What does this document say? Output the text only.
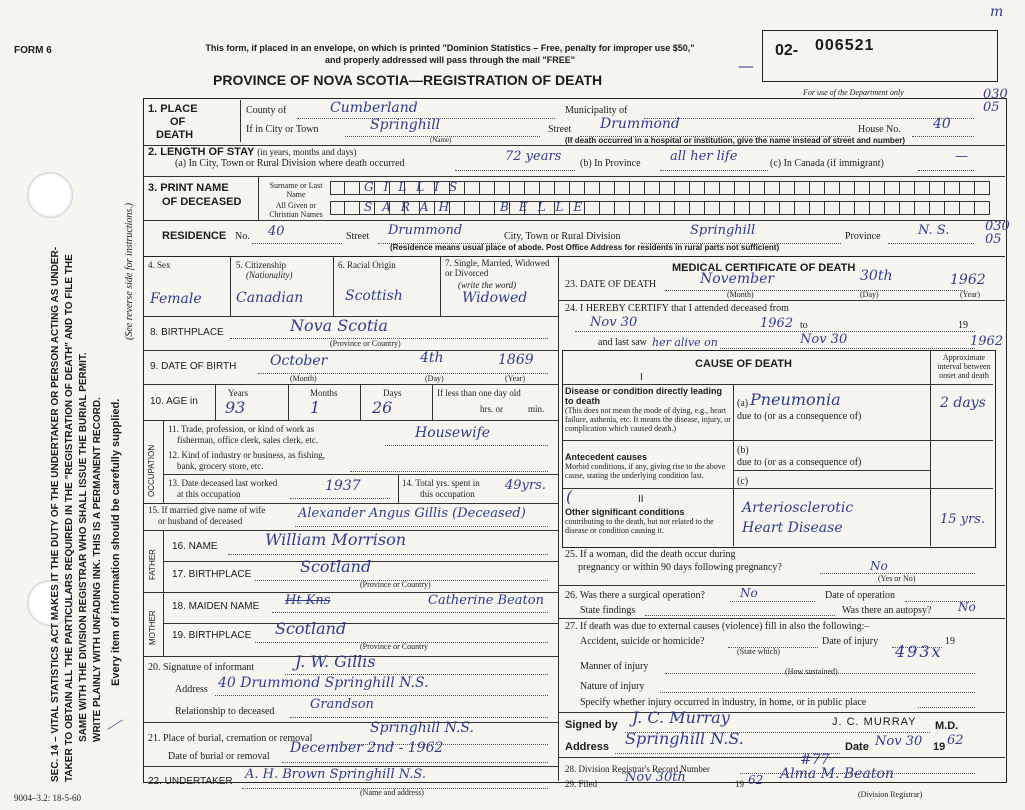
SEC. 14 – VITAL STATISTICS ACT MAKES IT THE DUTY OF THE UNDERTAKER OR PERSON ACTING AS UNDER- TAKER TO OBTAIN ALL THE PARTICULARS REQUIRED IN THE "REGISTRATION OF DEATH" AND TO FILE THE SAME WITH THE DIVISION REGISTRAR WHO SHALL ISSUE THE BURIAL PERMIT. WRITE PLAINLY WITH UNFADING INK. THIS IS A PERMANENT RECORD. Every item of information should be carefully supplied.
(See reverse side for instructions.)
⟋
FORM 6	This form, if placed in an envelope, on which is printed "Dominion Statistics – Free, penalty for improper use $50," and properly addressed will pass through the mail "FREE"
PROVINCE OF NOVA SCOTIA—REGISTRATION OF DEATH
02- 006521
m
—
For use of the Department only	030
05
1. PLACE
OF
DEATH
County of	Cumberland	Municipality of
If in City or Town	Springhill
(Name)
Street Drummond	House No. 40
(If death occurred in a hospital or institution, give the name instead of street and number)
2. LENGTH OF STAY (in years, months and days)
(a) In City, Town or Rural Division where death occurred	72 years (b) In Province all her life	(c) In Canada (if immigrant)	—
3. PRINT NAME
OF DECEASED
Surname or Last Name
All Given or Christian Names
GILLIS
SARAH	BELLE
RESIDENCE No. 40	Street Drummond	City, Town or Rural Division	Springhill	Province	N. S.	030
05
(Residence means usual place of abode. Post Office Address for residents in rural parts not sufficient)
4. Sex	5. Citizenship
(Nationality)
6. Racial Origin	7. Single, Married, Widowed or Divorced
(write the word)
Female Canadian	Scottish	Widowed
8. BIRTHPLACE	Nova Scotia
(Province or Country)
9. DATE OF BIRTH October	4th	1869
(Month)	(Day)	(Year)
10. AGE in
Years	Months	Days
93	1	26
If less than one day old
hrs. or	min.
OCCUPATION
11. Trade, profession, or kind of work as
fisherman, office clerk, sales clerk, etc.	Housewife
12. Kind of industry or business, as fishing,
bank, grocery store, etc.
13. Date deceased last worked
at this occupation	1937	14. Total yrs. spent in
this occupation
49yrs.
15. If married give name of wife
or husband of deceased	Alexander Angus Gillis (Deceased)
FATHER
16. NAME	William Morrison
17. BIRTHPLACE	Scotland
(Province or Country)
MOTHER
18. MAIDEN NAME Ht Kns	Catherine Beaton
19. BIRTHPLACE Scotland
(Province or Country
20. Signature of informant	J. W. Gillis
Address 40 Drummond Springhill N.S.
Relationship to deceased	Grandson
21. Place of burial, cremation or removal
Springhill N.S.
Date of burial or removal
December 2nd - 1962
22. UNDERTAKER A. H. Brown Springhill N.S.
(Name and address)
MEDICAL CERTIFICATE OF DEATH
23. DATE OF DEATH	November	30th	1962
(Month)	(Day)	(Year)
24. I HEREBY CERTIFY that I attended deceased from
Nov 30	1962 to	19
and last saw her alive on	Nov 30	1962
CAUSE OF DEATH
Approximate interval between onset and death
I
Disease or condition directly leading to death
(This does not mean the mode of dying, e.g., heart failure, asthenia, etc. It means the disease, injury, or complication which caused death.)
(a) Pneumonia	2 days
due to (or as a consequence of)
Antecedent causes
Morbid conditions, if any, giving rise to the above cause, stating the underlying condition last.
(b)
due to (or as a consequence of)
(c)
II
Other significant conditions
contributing to the death, but not related to the disease or condition causing it.
Arteriosclerotic
Heart Disease
15 yrs.
(
25. If a woman, did the death occur during
pregnancy or within 90 days following pregnancy?	No
(Yes or No)
26. Was there a surgical operation?	No	Date of operation
State findings	Was there an autopsy? No
27. If death was due to external causes (violence) fill in also the following:–
Accident, suicide or homicide?	Date of injury	19
(State which)
Manner of injury
493x
(How sustained)
Nature of injury
Specify whether injury occurred in industry, in home, or in public place
Signed by J. C. Murray	J. C. MURRAY M.D.
Address Springhill N.S.	Date Nov 30 19 62
28. Division Registrar's Record Number
#77
29. Filed Nov 30th	19 62 Alma M. Beaton
(Division Registrar)
9004–3.2: 18-5-60
